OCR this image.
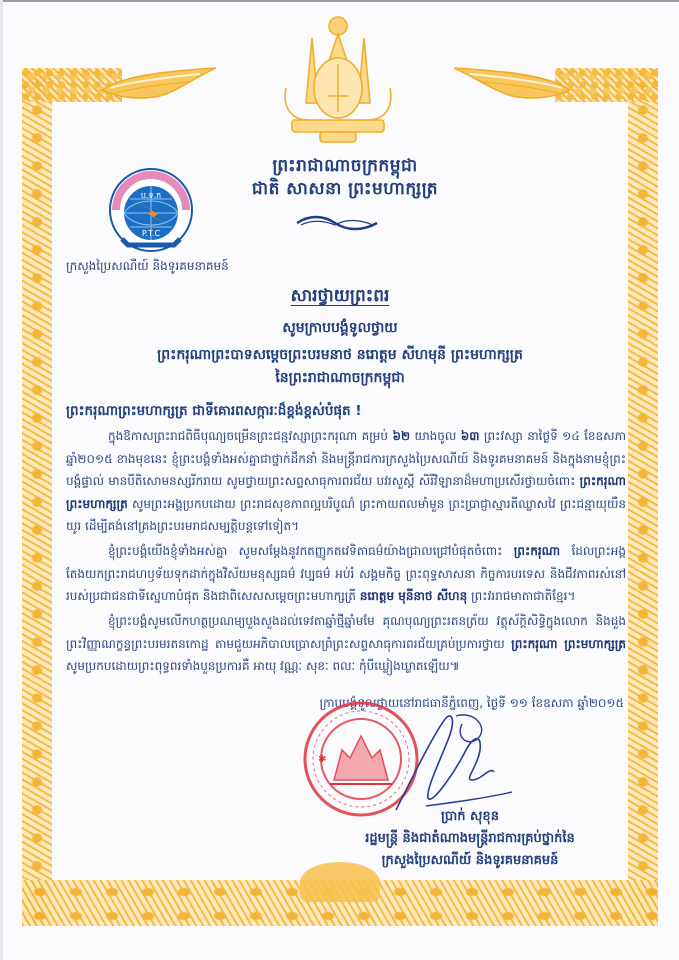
ព្រះរាជាណាចក្រកម្ពុជា
ជាតិ សាសនា ព្រះមហាក្សត្រ
ប.ទ.ក
P.T.C
ក្រសួងប្រៃសណីយ៍ និងទូរគមនាគមន៍
សារថ្វាយព្រះពរ
សូមក្រាបបង្គំទូលថ្វាយ
ព្រះករុណាព្រះបាទសម្តេចព្រះបរមនាថ នរោត្តម សីហមុនី ព្រះមហាក្សត្រ
នៃព្រះរាជាណាចក្រកម្ពុជា
ព្រះករុណាព្រះមហាក្សត្រ ជាទីគោរពសក្ការៈដ៏ខ្ពង់ខ្ពស់បំផុត !
ក្នុងឱកាសព្រះរាជពិធីបុណ្យចម្រើនព្រះជន្មវស្សាព្រះករុណា គម្រប់ ៦២ យាងចូល ៦៣ ព្រះវស្សា នាថ្ងៃទី ១៤ ខែឧសភា ឆ្នាំ២០១៥ ខាងមុខនេះ ខ្ញុំព្រះបង្គំទាំងអស់គ្នាជាថ្នាក់ដឹកនាំ និងមន្ត្រីរាជការក្រសួងប្រៃសណីយ៍ និងទូរគមនាគមន៍ និងក្នុងនាមខ្ញុំព្រះបង្គំផ្ទាល់ មានបីតិសោមនស្សរីករាយ សូមថ្វាយព្រះសព្ទសាធុការពរជ័យ បវរសួស្តី សិរីវិឡានាដ៏មហាប្រសើរថ្វាយចំពោះ ព្រះករុណា ព្រះមហាក្សត្រ សូមព្រះអង្គប្រកបដោយ ព្រះរាជសុខភាពល្អបរិបូណ៌ ព្រះកាយពលមាំមួន ព្រះប្រាជ្ញាស្មារតីឈ្លាសវៃ ព្រះជន្មាយុយឺនយូរ ដើម្បីគង់នៅគ្រងព្រះបរមរាជសម្បត្តិបន្តទៅទៀត។
ខ្ញុំព្រះបង្គំយើងខ្ញុំទាំងអស់គ្នា សូមសម្តែងនូវកតញ្ញូកតវេទិតាធម៌យ៉ាងជ្រាលជ្រៅបំផុតចំពោះ ព្រះករុណា ដែលព្រះអង្គតែងយកព្រះរាជហឫទ័យទុកដាក់ក្នុងវិស័យមនុស្សធម៌ វប្បធម៌ អប់រំ សង្គមកិច្ច ព្រះពុទ្ធសាសនា កិច្ចការបរទេស និងជីវភាពរស់នៅរបស់ប្រជាជនជាទីស្នេហាបំផុត និងជាពិសេសសម្តេចព្រះមហាក្សត្រី នរោត្តម មុនីនាថ សីហនុ ព្រះវររាជមាតាជាតិខ្មែរ។
ខ្ញុំព្រះបង្គំសូមលើកហត្ថប្រណម្យបួងសួងដល់ទេវតាឆ្នាំថ្មីឆ្នាំមមែ គុណបុណ្យព្រះរតនត្រ័យ វត្ថុស័ក្តិសិទ្ធិក្នុងលោក និងដួងព្រះវិញ្ញាណក្ខន្ធព្រះបរមរតនកោដ្ឋ តាមជួយអភិបាលប្រោសព្រំព្រះសព្ទសាធុការពរជ័យគ្រប់ប្រការថ្វាយ ព្រះករុណា ព្រះមហាក្សត្រ សូមប្រកបដោយព្រះពុទ្ធពរទាំងបួនប្រការគឺ អាយុ វណ្ណៈ សុខៈ ពលៈ កុំបីឃ្លៀងឃ្លាតឡើយ៕
ក្រាបបង្គំទូលថ្វាយនៅរាជធានីភ្នំពេញ, ថ្ងៃទី ១១ ខែឧសភា ឆ្នាំ២០១៥
✱
ប្រាក់ សុខុន
រដ្ឋមន្ត្រី និងជាតំណាងមន្ត្រីរាជការគ្រប់ថ្នាក់នៃ
ក្រសួងប្រៃសណីយ៍ និងទូរគមនាគមន៍
